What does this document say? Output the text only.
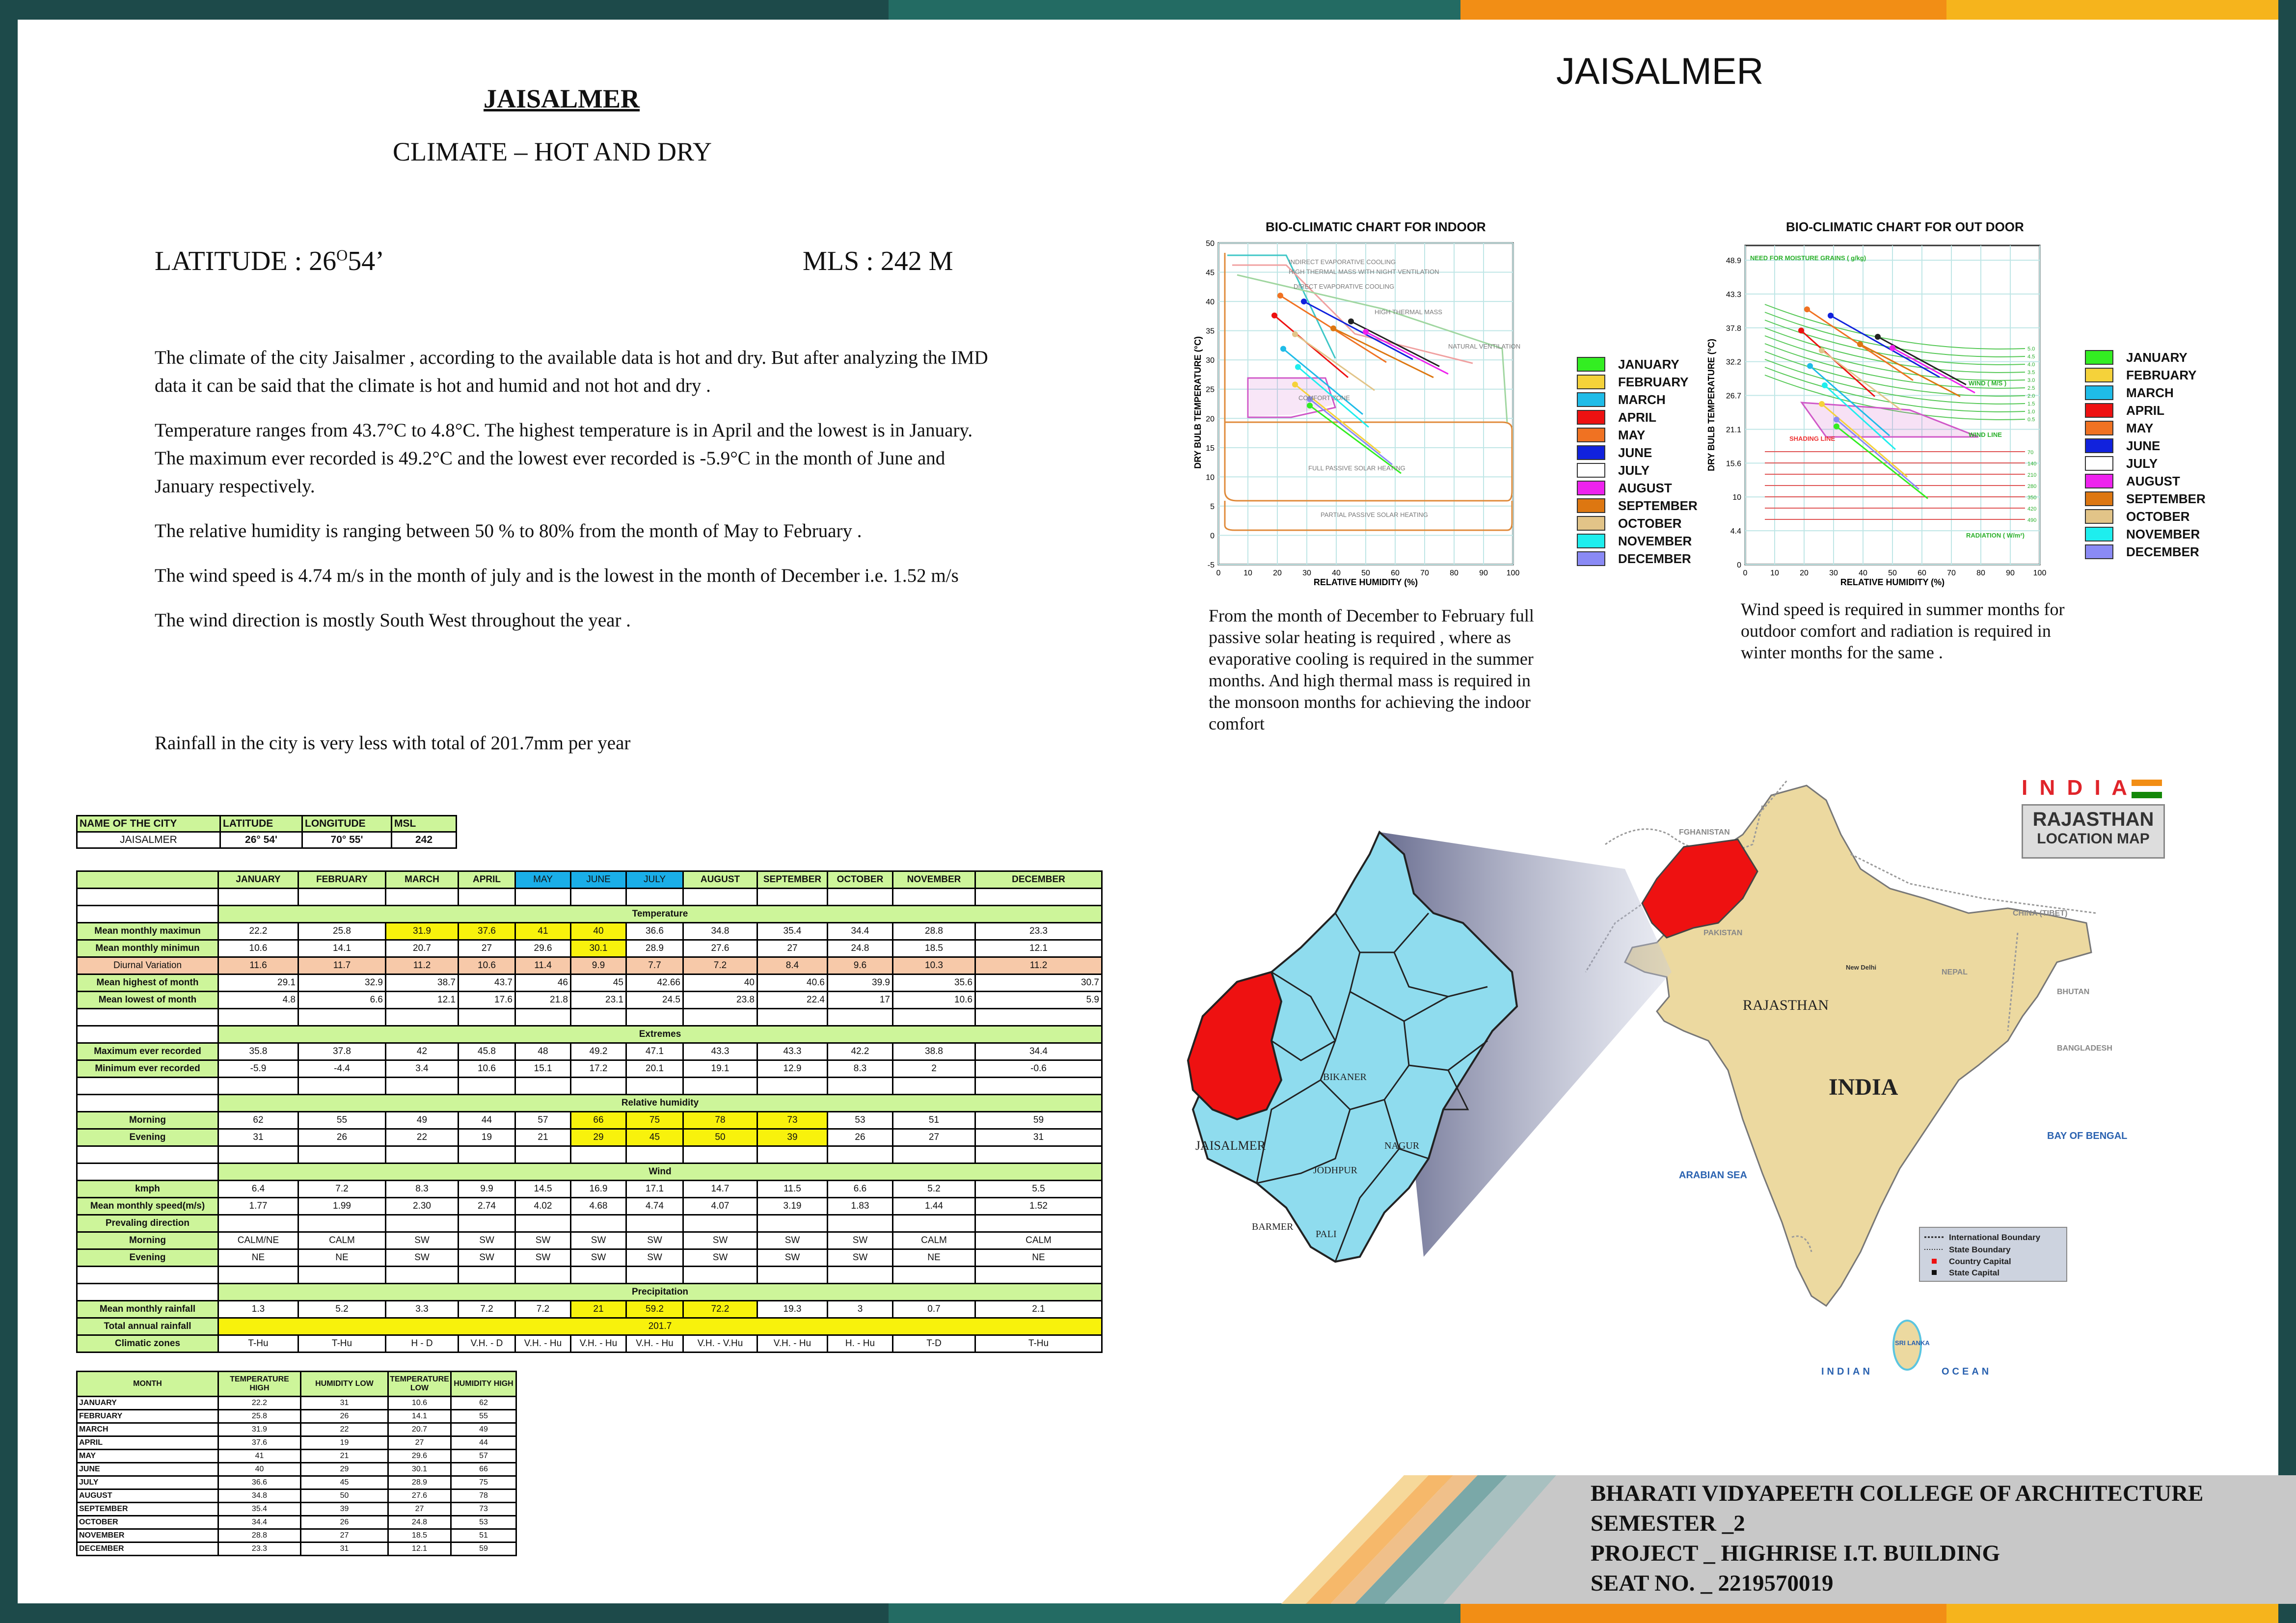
JAISALMER
CLIMATE – HOT AND DRY
LATITUDE : $26^O54$’	MLS : 242 M

The climate of the city Jaisalmer , according to the available data is hot and dry. But after analyzing the IMD data it can be said that the climate is hot and humid and not hot and dry .

Temperature ranges from 43.7°C to 4.8°C. The highest temperature is in April and the lowest is in January. The maximum ever recorded is 49.2°C and the lowest ever recorded is -5.9°C in the month of June and January respectively.

The relative humidity is ranging between 50 % to 80% from the month of May to February .

The wind speed is 4.74 m/s in the month of july and is the lowest in the month of December i.e. 1.52 m/s

The wind direction is mostly South West throughout the year .

Rainfall in the city is very less with total of 201.7mm per year
NAME OF THE CITY	LATITUDE	LONGITUDE	MSL
JAISALMER	26° 54'	70° 55'	242
	JANUARY	FEBRUARY	MARCH	APRIL	MAY	JUNE	JULY	AUGUST	SEPTEMBER	OCTOBER	NOVEMBER	DECEMBER

	Temperature											
Mean monthly maximun	22.2	25.8	31.9	37.6	41	40	36.6	34.8	35.4	34.4	28.8	23.3
Mean monthly minimun	10.6	14.1	20.7	27	29.6	30.1	28.9	27.6	27	24.8	18.5	12.1
Diurnal Variation	11.6	11.7	11.2	10.6	11.4	9.9	7.7	7.2	8.4	9.6	10.3	11.2
Mean highest of month	29.1	32.9	38.7	43.7	46	45	42.66	40	40.6	39.9	35.6	30.7
Mean lowest of month	4.8	6.6	12.1	17.6	21.8	23.1	24.5	23.8	22.4	17	10.6	5.9

	Extremes											
Maximum ever recorded	35.8	37.8	42	45.8	48	49.2	47.1	43.3	43.3	42.2	38.8	34.4
Minimum ever recorded	-5.9	-4.4	3.4	10.6	15.1	17.2	20.1	19.1	12.9	8.3	2	-0.6

	Relative humidity											
Morning	62	55	49	44	57	66	75	78	73	53	51	59
Evening	31	26	22	19	21	29	45	50	39	26	27	31

	Wind											
kmph	6.4	7.2	8.3	9.9	14.5	16.9	17.1	14.7	11.5	6.6	5.2	5.5
Mean monthly speed(m/s)	1.77	1.99	2.30	2.74	4.02	4.68	4.74	4.07	3.19	1.83	1.44	1.52
Prevaling direction												
Morning	CALM/NE	CALM	SW	SW	SW	SW	SW	SW	SW	SW	CALM	CALM
Evening	NE	NE	SW	SW	SW	SW	SW	SW	SW	SW	NE	NE

	Precipitation											
Mean monthly rainfall	1.3	5.2	3.3	7.2	7.2	21	59.2	72.2	19.3	3	0.7	2.1
Total annual rainfall	201.7											
Climatic zones	T-Hu	T-Hu	H - D	V.H. - D	V.H. - Hu	V.H. - Hu	V.H. - Hu	V.H. - V.Hu	V.H. - Hu	H. - Hu	T-D	T-Hu
MONTH	TEMPERATURE HIGH	HUMIDITY LOW	TEMPERATURE LOW	HUMIDITY HIGH
JANUARY	22.2	31	10.6	62
FEBRUARY	25.8	26	14.1	55
MARCH	31.9	22	20.7	49
APRIL	37.6	19	27	44
MAY	41	21	29.6	57
JUNE	40	29	30.1	66
JULY	36.6	45	28.9	75
AUGUST	34.8	50	27.6	78
SEPTEMBER	35.4	39	27	73
OCTOBER	34.4	26	24.8	53
NOVEMBER	28.8	27	18.5	51
DECEMBER	23.3	31	12.1	59
JAISALMER
BIO-CLIMATIC CHART FOR INDOOR
0	10	20	30	40	50	60	70	80	90 100
50
45
40
35
30
25
20
15
10
5
0
-5
INDIRECT EVAPORATIVE COOLING
HIGH THERMAL MASS WITH NIGHT VENTILATION
DIRECT EVAPORATIVE COOLING
HIGH THERMAL MASS
NATURAL VENTILATION
COMFORT ZONE
FULL PASSIVE SOLAR HEATING
PARTIAL PASSIVE SOLAR HEATING
RELATIVE HUMIDITY (%)
DRY BULB TEMPERATURE (°C)
From the month of December to February full passive solar heating is required , where as evaporative cooling is required in the summer months. And high thermal mass is required in the monsoon months for achieving the indoor comfort
JANUARY
FEBRUARY
MARCH
APRIL
MAY
JUNE
JULY
AUGUST
SEPTEMBER
OCTOBER
NOVEMBER
DECEMBER
BIO-CLIMATIC CHART FOR OUT DOOR
0	10	20	30	40	50	60	70	80	90 100
48.9
43.3
37.8
32.2
26.7
21.1
15.6
10
4.4
0
70
140
210
280
350
420
490
5.0
4.5
4.0
3.5
3.0
2.5
2.0
1.5
1.0
0.5
NEED FOR MOISTURE GRAINS ( g/kg)
WIND ( M/S )
WIND LINE
RADIATION ( W/m²)
SHADING LINE
RELATIVE HUMIDITY (%)
DRY BULB TEMPERATURE (°C)
Wind speed is required in summer months for outdoor comfort and radiation is required in winter months for the same .
JANUARY
FEBRUARY
MARCH
APRIL
MAY
JUNE
JULY
AUGUST
SEPTEMBER
OCTOBER
NOVEMBER
DECEMBER
JAISALMER
BIKANER
NAGUR
JODHPUR
BARMER
PALI
RAJASTHAN
INDIA
FGHANISTAN
PAKISTAN
CHINA (TIBET)
NEPAL
BHUTAN
BANGLADESH
New Delhi
ARABIAN SEA
BAY OF BENGAL
SRI LANKA
INDIAN	OCEAN
International Boundary
State Boundary
Country Capital
State Capital
I N D I A
RAJASTHAN
LOCATION MAP
BHARATI VIDYAPEETH COLLEGE OF ARCHITECTURE
SEMESTER _2
PROJECT _ HIGHRISE I.T. BUILDING
SEAT NO. _ 2219570019
